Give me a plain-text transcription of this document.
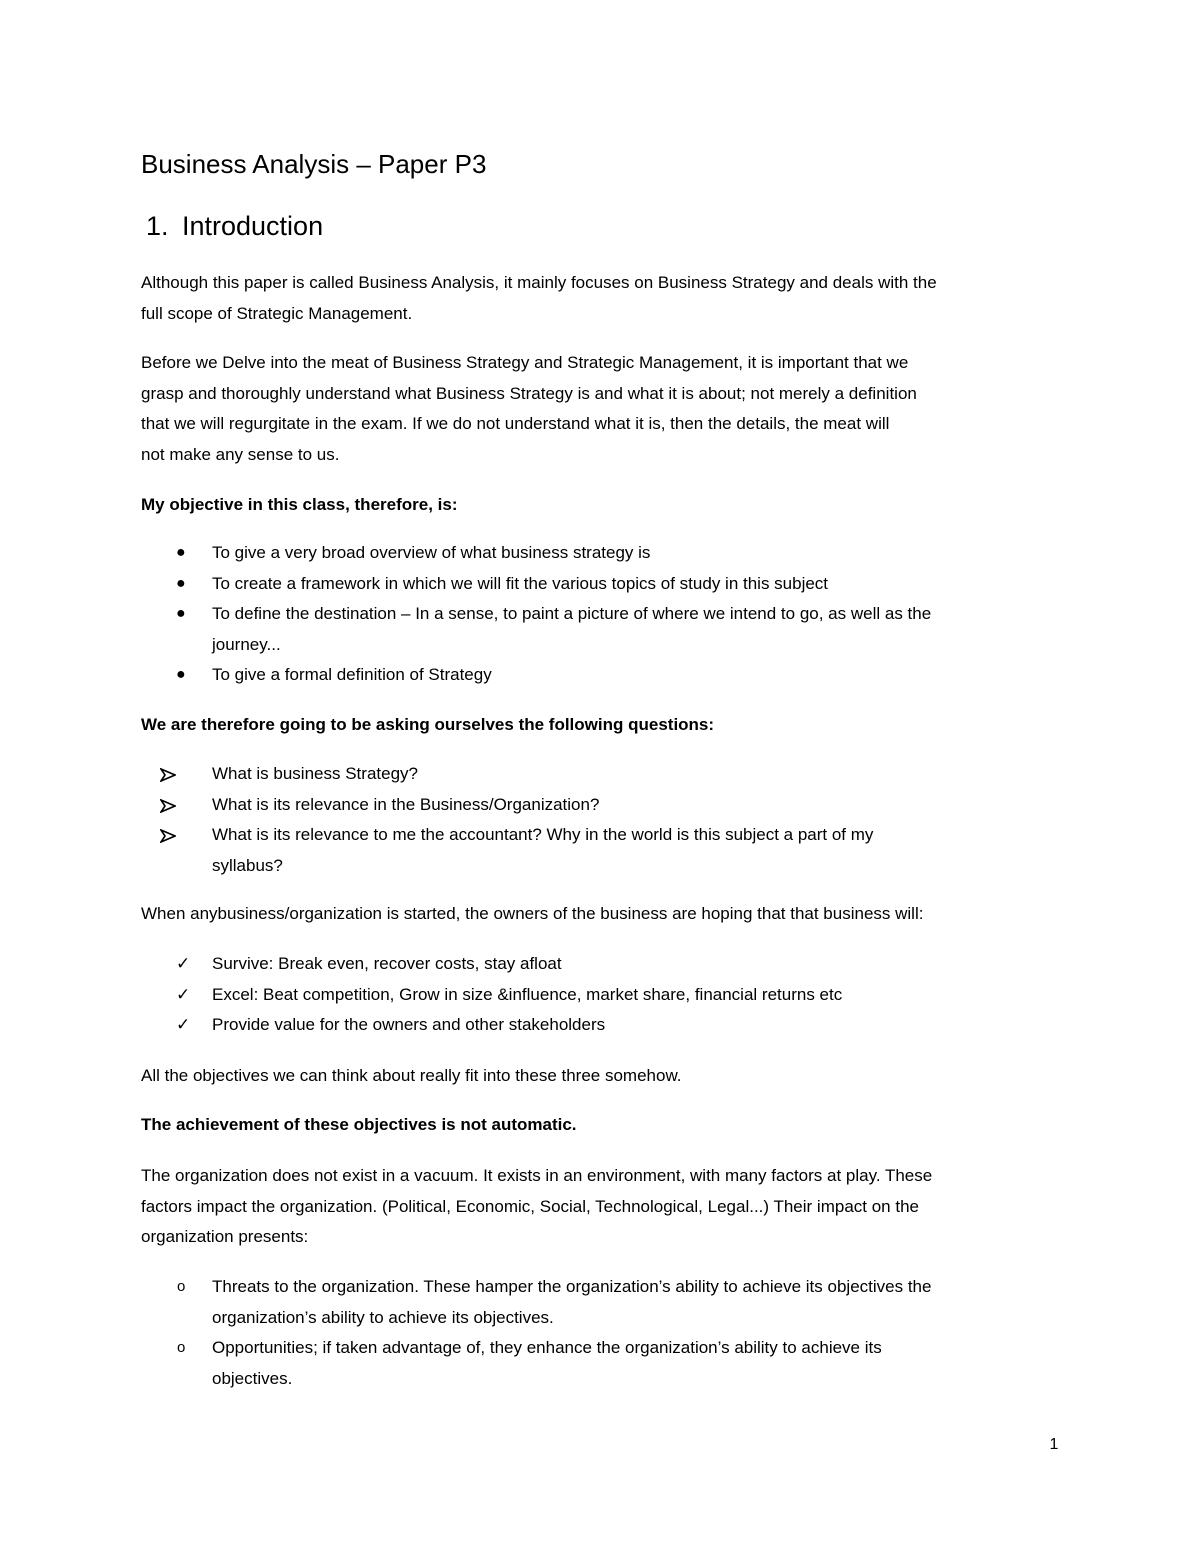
Business Analysis – Paper P3
1. Introduction
Although this paper is called Business Analysis, it mainly focuses on Business Strategy and deals with the
full scope of Strategic Management.
Before we Delve into the meat of Business Strategy and Strategic Management, it is important that we
grasp and thoroughly understand what Business Strategy is and what it is about; not merely a definition
that we will regurgitate in the exam. If we do not understand what it is, then the details, the meat will
not make any sense to us.
My objective in this class, therefore, is:
●	To give a very broad overview of what business strategy is
●	To create a framework in which we will fit the various topics of study in this subject
●	To define the destination – In a sense, to paint a picture of where we intend to go, as well as the
journey...
●	To give a formal definition of Strategy
We are therefore going to be asking ourselves the following questions:
What is business Strategy?
What is its relevance in the Business/Organization?
What is its relevance to me the accountant? Why in the world is this subject a part of my
syllabus?
When anybusiness/organization is started, the owners of the business are hoping that that business will:
✓	Survive: Break even, recover costs, stay afloat
✓	Excel: Beat competition, Grow in size &influence, market share, financial returns etc
✓	Provide value for the owners and other stakeholders
All the objectives we can think about really fit into these three somehow.
The achievement of these objectives is not automatic.
The organization does not exist in a vacuum. It exists in an environment, with many factors at play. These
factors impact the organization. (Political, Economic, Social, Technological, Legal...) Their impact on the
organization presents:
o	Threats to the organization. These hamper the organization’s ability to achieve its objectives the
organization’s ability to achieve its objectives.
o	Opportunities; if taken advantage of, they enhance the organization’s ability to achieve its
objectives.
1
